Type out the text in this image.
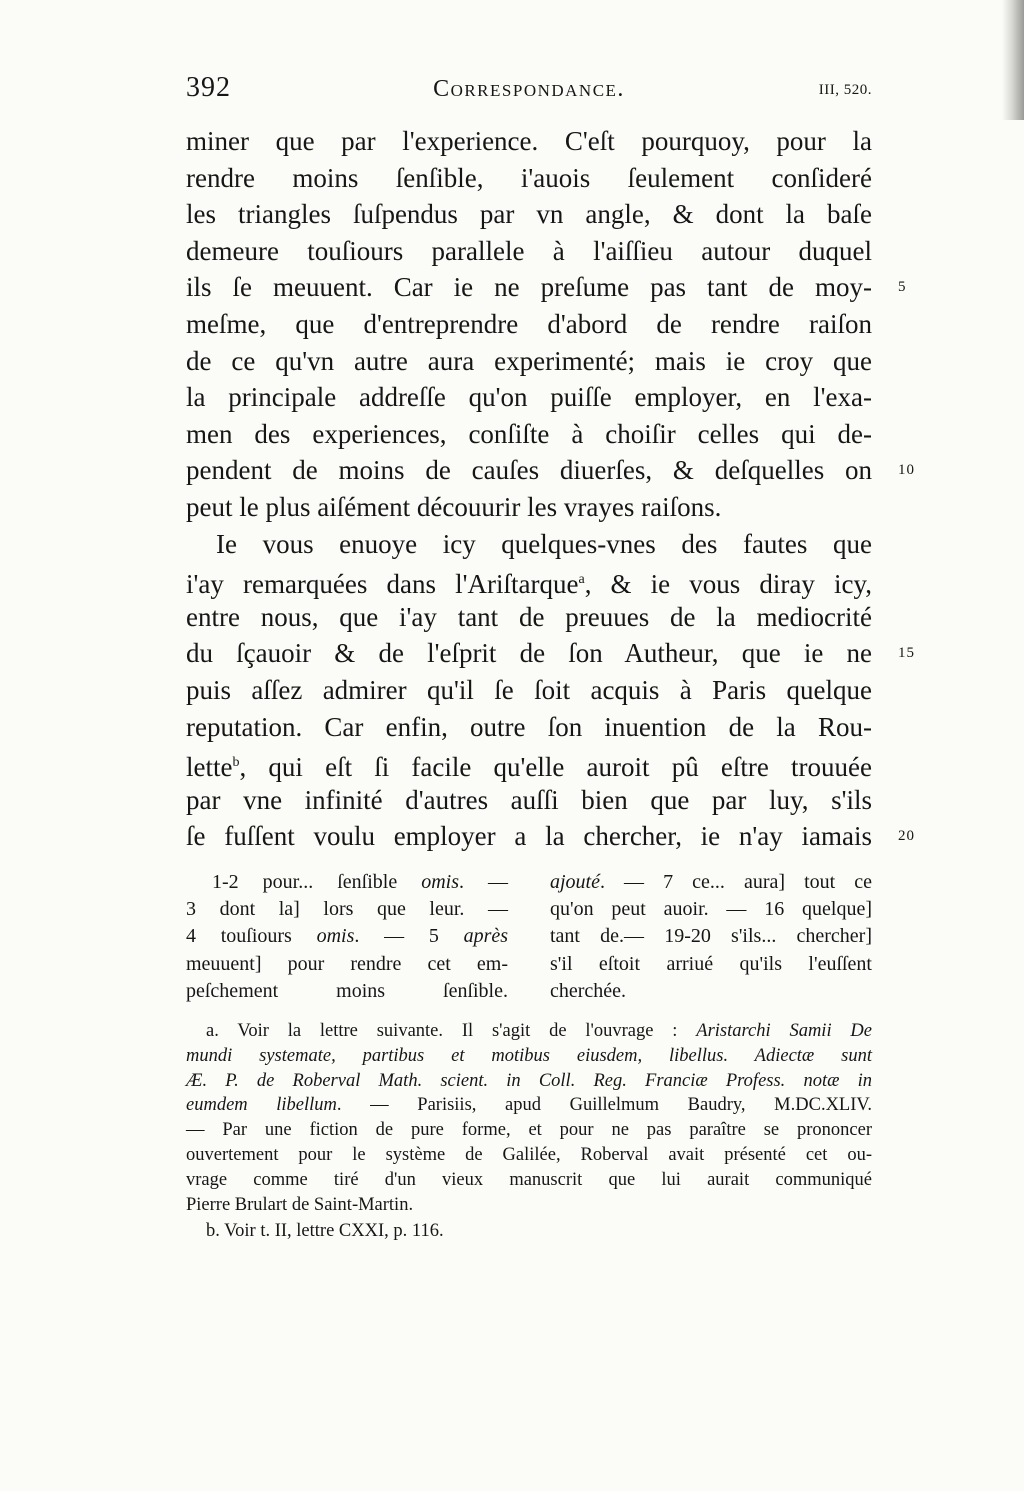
392	Correspondance.	III, 520.
miner que par l'experience. C'eſt pourquoy, pour la
rendre moins ſenſible, i'auois ſeulement conſideré
les triangles ſuſpendus par vn angle, & dont la baſe
demeure touſiours parallele à l'aiſſieu autour duquel
ils ſe meuuent. Car ie ne preſume pas tant de moy- 5
meſme, que d'entreprendre d'abord de rendre raiſon
de ce qu'vn autre aura experimenté; mais ie croy que
la principale addreſſe qu'on puiſſe employer, en l'exa-
men des experiences, conſiſte à choiſir celles qui de-
pendent de moins de cauſes diuerſes, & deſquelles on 10
peut le plus aiſément découurir les vrayes raiſons.
Ie vous enuoye icy quelques-vnes des fautes que
i'ay remarquées dans l'Ariſtarque$^a$, & ie vous diray icy,
entre nous, que i'ay tant de preuues de la mediocrité
du ſçauoir & de l'eſprit de ſon Autheur, que ie ne 15
puis aſſez admirer qu'il ſe ſoit acquis à Paris quelque
reputation. Car enfin, outre ſon inuention de la Rou-
lette$^b$, qui eſt ſi facile qu'elle auroit pû eſtre trouuée
par vne infinité d'autres auſſi bien que par luy, s'ils
ſe fuſſent voulu employer a la chercher, ie n'ay iamais 20
1-2 pour... ſenſible omis. —
3 dont la] lors que leur. —
4 touſiours omis. — 5 après
meuuent] pour rendre cet em-
peſchement moins ſenſible.
ajouté. — 7 ce... aura] tout ce
qu'on peut auoir. — 16 quelque]
tant de.— 19-20 s'ils... chercher]
s'il eſtoit arriué qu'ils l'euſſent
cherchée.
a. Voir la lettre suivante. Il s'agit de l'ouvrage : Aristarchi Samii De
mundi systemate, partibus et motibus eiusdem, libellus. Adiectæ sunt
Æ. P. de Roberval Math. scient. in Coll. Reg. Franciæ Profess. notæ in
eumdem libellum. — Parisiis, apud Guillelmum Baudry, M.DC.XLIV.
— Par une fiction de pure forme, et pour ne pas paraître se prononcer
ouvertement pour le système de Galilée, Roberval avait présenté cet ou-
vrage comme tiré d'un vieux manuscrit que lui aurait communiqué
Pierre Brulart de Saint-Martin.
b. Voir t. II, lettre CXXI, p. 116.
